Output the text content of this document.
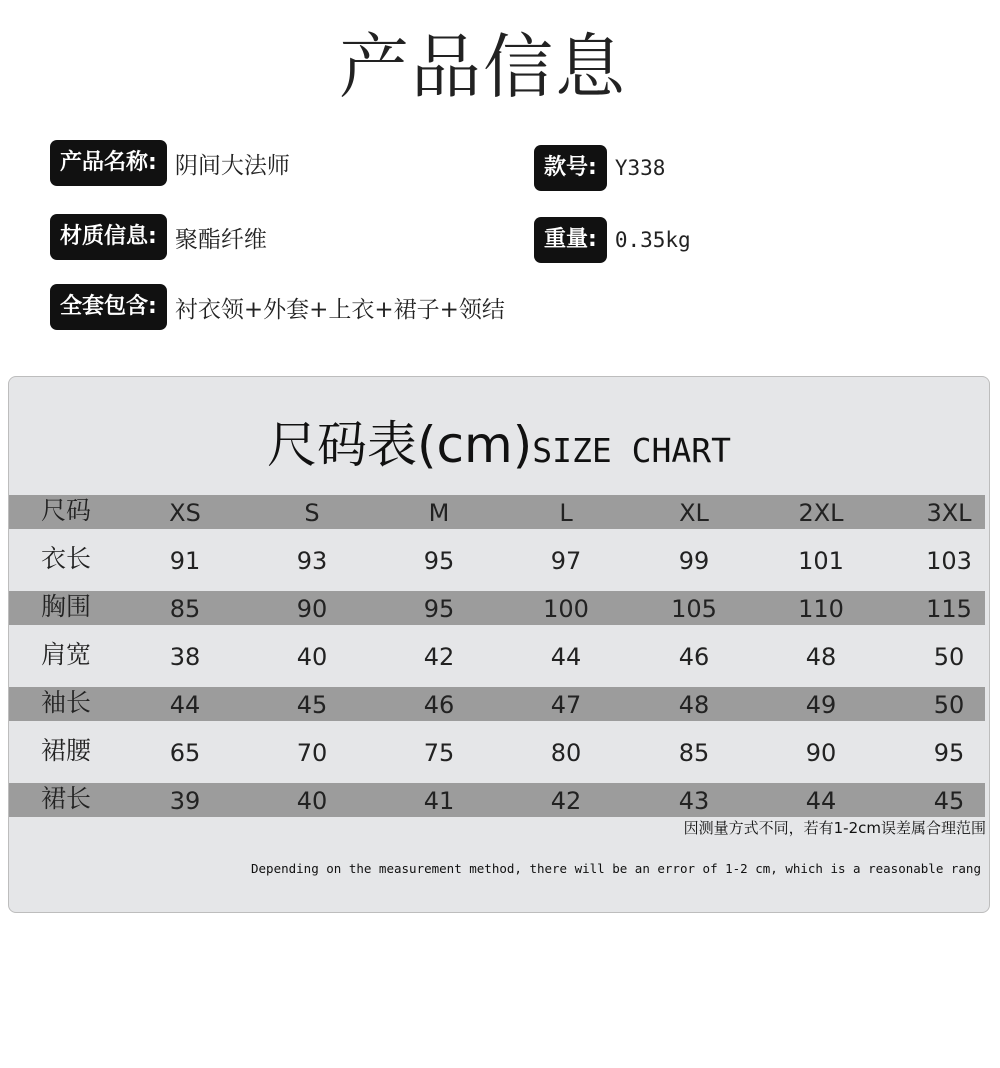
产品信息
产品名称: 阴间大法师	款号: Y338
材质信息: 聚酯纤维	重量: 0.35kg
全套包含: 衬衣领+外套+上衣+裙子+领结
尺码表(cm)SIZE CHART
尺码	XS	S	M	L	XL	2XL	3XL
衣长	91	93	95	97	99	101	103
胸围	85	90	95	100	105	110	115
肩宽	38	40	42	44	46	48	50
袖长	44	45	46	47	48	49	50
裙腰	65	70	75	80	85	90	95
裙长	39	40	41	42	43	44	45
因测量方式不同，若有1-2cm误差属合理范围
Depending on the measurement method, there will be an error of 1-2 cm, which is a reasonable rang
